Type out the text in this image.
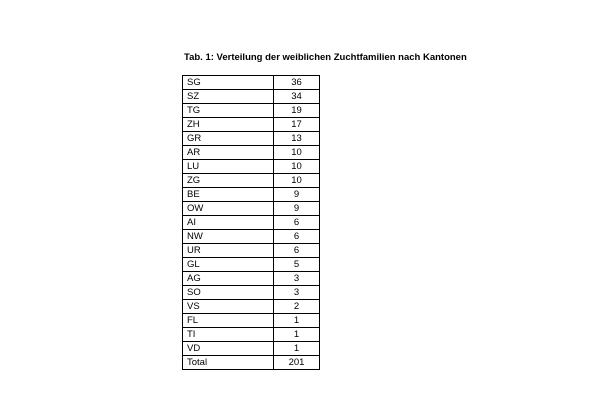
Tab. 1: Verteilung der weiblichen Zuchtfamilien nach Kantonen
SG	36
SZ	34
TG	19
ZH	17
GR	13
AR	10
LU	10
ZG	10
BE	9
OW	9
AI	6
NW	6
UR	6
GL	5
AG	3
SO	3
VS	2
FL	1
TI	1
VD	1
Total	201
